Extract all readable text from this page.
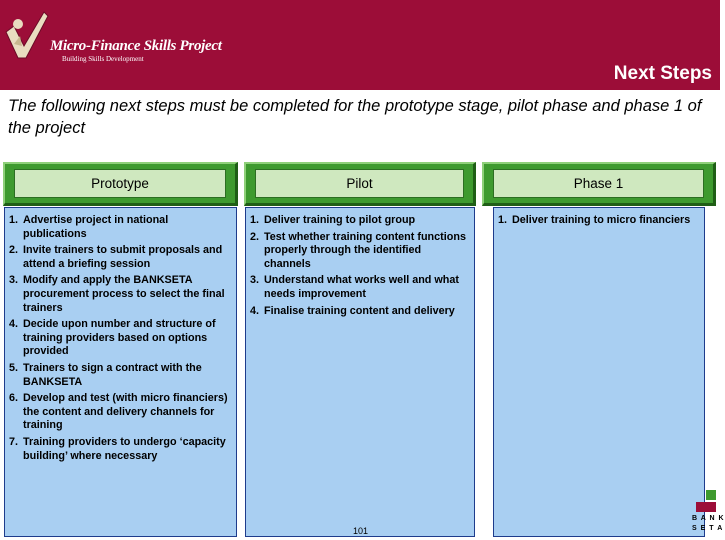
Micro-Finance Skills Project
Building Skills Development
Next Steps
The following next steps must be completed for the prototype stage, pilot phase and phase 1 of the project
Prototype
1. Advertise project in national publications
2. Invite trainers to submit proposals and attend a briefing session
3. Modify and apply the BANKSETA procurement process to select the final trainers
4. Decide upon number and structure of training providers based on options provided
5. Trainers to sign a contract with the BANKSETA
6. Develop and test (with micro financiers) the content and delivery channels for training
7. Training providers to undergo ‘capacity building’ where necessary
Pilot
1. Deliver training to pilot group
2. Test whether training content functions properly through the identified channels
3. Understand what works well and what needs improvement
4. Finalise training content and delivery
Phase 1
1. Deliver training to micro financiers
101
B A N K
S E T A
